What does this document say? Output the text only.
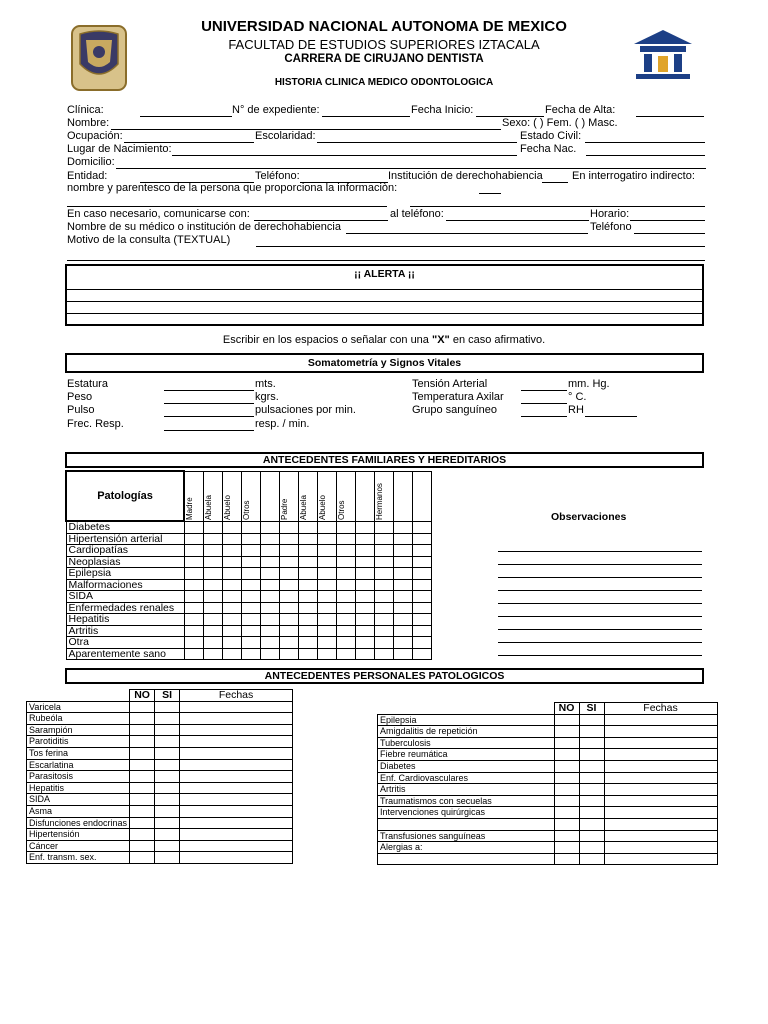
UNIVERSIDAD NACIONAL AUTONOMA DE MEXICO
FACULTAD DE ESTUDIOS SUPERIORES IZTACALA
CARRERA DE CIRUJANO DENTISTA
HISTORIA CLINICA MEDICO ODONTOLOGICA
Clínica:	N° de expediente:	Fecha Inicio:	Fecha de Alta:
Nombre:	Sexo: ( ) Fem. ( ) Masc.
Ocupación:	Escolaridad:	Estado Civil:
Lugar de Nacimiento:	Fecha Nac.
Domicilio:
Entidad:	Teléfono:	Institución de derechohabiencia	En interrogatiro indirecto:
nombre y parentesco de la persona que proporciona la informaciòn:
En caso necesario, comunicarse con:	al teléfono:	Horario:
Nombre de su médico o institución de derechohabiencia	Teléfono
Motivo de la consulta (TEXTUAL)
¡¡ ALERTA ¡¡
Escribir en los espacios o señalar con una "X" en caso afirmativo.
Somatometría y Signos Vitales
Estatura	mts.
Peso	kgrs.
Pulso	pulsaciones por min.
Frec. Resp.	resp. / min.
Tensión Arterial	mm. Hg.
Temperatura Axilar	° C.
Grupo sanguíneo	RH
ANTECEDENTES FAMILIARES Y HEREDITARIOS
Patologías	Madre	Abuela	Abuelo	Otros		Padre	Abuela	Abuelo	Otros		Hermanos		

Diabetes													
Hipertensión arterial													
Cardiopatías													
Neoplasias													
Epilepsia													
Malformaciones													
SIDA													
Enfermedades renales													
Hepatitis													
Artritis													
Otra													
Aparentemente sano													
Observaciones
ANTECEDENTES PERSONALES PATOLOGICOS
	NO	SI	Fechas
Varicela			
Rubeóla			
Sarampión			
Parotiditis			
Tos ferina			
Escarlatina			
Parasitosis			
Hepatitis			
SIDA			
Asma			
Disfunciones endocrinas			
Hipertensión			
Cáncer			
Enf. transm. sex.			
	NO	SI	Fechas
Epilepsia			
Amigdalitis de repetición			
Tuberculosis			
Fiebre reumática			
Diabetes			
Enf. Cardiovasculares			
Artritis			
Traumatismos con secuelas			
Intervenciones quirúrgicas			

Transfusiones sanguíneas			
Alergias a:			
